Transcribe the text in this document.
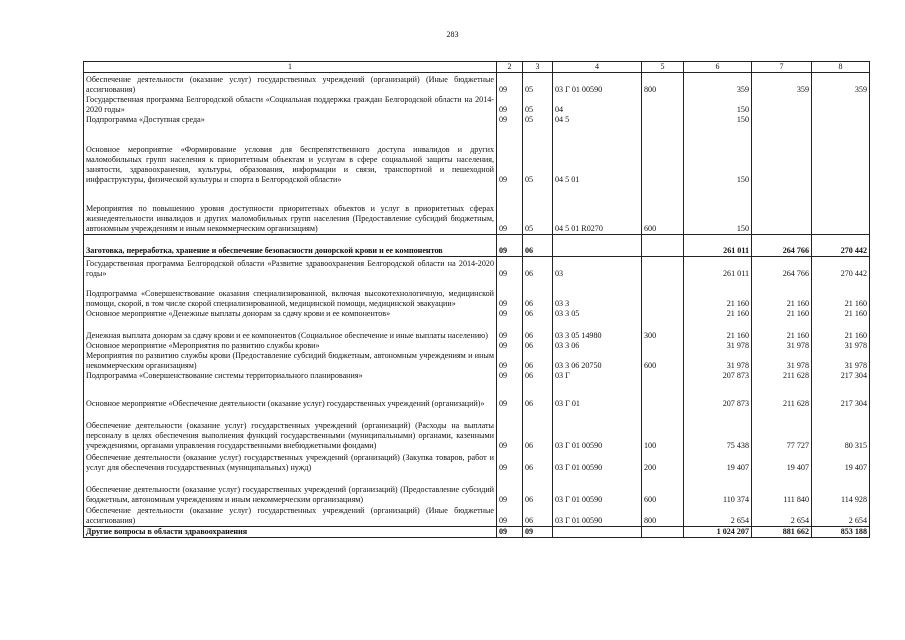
283
1	2	3	4	5	6	7	8
Обеспечение деятельности (оказание услуг) государственных учреждений (организаций) (Иные бюджетные ассигнования)	09	05	03 Г 01 00590	800	359	359	359
Государственная программа Белгородской области «Социальная поддержка граждан Белгородской области на 2014-2020 годы»	09	05	04		150		
Подпрограмма «Доступная среда»	09	05	04 5		150		
Основное мероприятие «Формирование условия для беспрепятственного доступа инвалидов и других маломобильных групп населения к приоритетным объектам и услугам в сфере социальной защиты населения, занятости, здравоохранения, культуры, образования, информации и связи, транспортной и пешеходной инфраструктуры, физической культуры и спорта в Белгородской области»	09	05	04 5 01		150		
Мероприятия по повышению уровня доступности приоритетных объектов и услуг в приоритетных сферах жизнедеятельности инвалидов и других маломобильных групп населения (Предоставление субсидий бюджетным, автономным учреждениям и иным некоммерческим организациям)	09	05	04 5 01 R0270	600	150		
Заготовка, переработка, хранение и обеспечение безопасности донорской крови и ее компонентов	09	06			261 011	264 766	270 442
Государственная программа Белгородской области «Развитие здравоохранения Белгородской области на 2014-2020 годы»	09	06	03		261 011	264 766	270 442
Подпрограмма «Совершенствование оказания специализированной, включая высокотехнологичную, медицинской помощи, скорой, в том числе скорой специализированной, медицинской помощи, медицинской эвакуации»	09	06	03 3		21 160	21 160	21 160
Основное мероприятие «Денежные выплаты донорам за сдачу крови и ее компонентов»	09	06	03 3 05		21 160	21 160	21 160
Денежная выплата донорам за сдачу крови и ее компонентов (Социальное обеспечение и иные выплаты населению)	09	06	03 3 05 14980	300	21 160	21 160	21 160
Основное мероприятие «Мероприятия по развитию службы крови»	09	06	03 3 06		31 978	31 978	31 978
Мероприятия по развитию службы крови (Предоставление субсидий бюджетным, автономным учреждениям и иным некоммерческим организациям)	09	06	03 3 06 20750	600	31 978	31 978	31 978
Подпрограмма «Совершенствование системы территориального планирования»	09	06	03 Г		207 873	211 628	217 304
Основное мероприятие «Обеспечение деятельности (оказание услуг) государственных учреждений (организаций)»	09	06	03 Г 01		207 873	211 628	217 304
Обеспечение деятельности (оказание услуг) государственных учреждений (организаций) (Расходы на выплаты персоналу в целях обеспечения выполнения функций государственными (муниципальными) органами, казенными учреждениями, органами управления государственными внебюджетными фондами)	09	06	03 Г 01 00590	100	75 438	77 727	80 315
Обеспечение деятельности (оказание услуг) государственных учреждений (организаций) (Закупка товаров, работ и услуг для обеспечения государственных (муниципальных) нужд)	09	06	03 Г 01 00590	200	19 407	19 407	19 407
Обеспечение деятельности (оказание услуг) государственных учреждений (организаций) (Предоставление субсидий бюджетным, автономным учреждениям и иным некоммерческим организациям)	09	06	03 Г 01 00590	600	110 374	111 840	114 928
Обеспечение деятельности (оказание услуг) государственных учреждений (организаций) (Иные бюджетные ассигнования)	09	06	03 Г 01 00590	800	2 654	2 654	2 654
Другие вопросы в области здравоохранения	09	09			1 024 207	881 662	853 188
